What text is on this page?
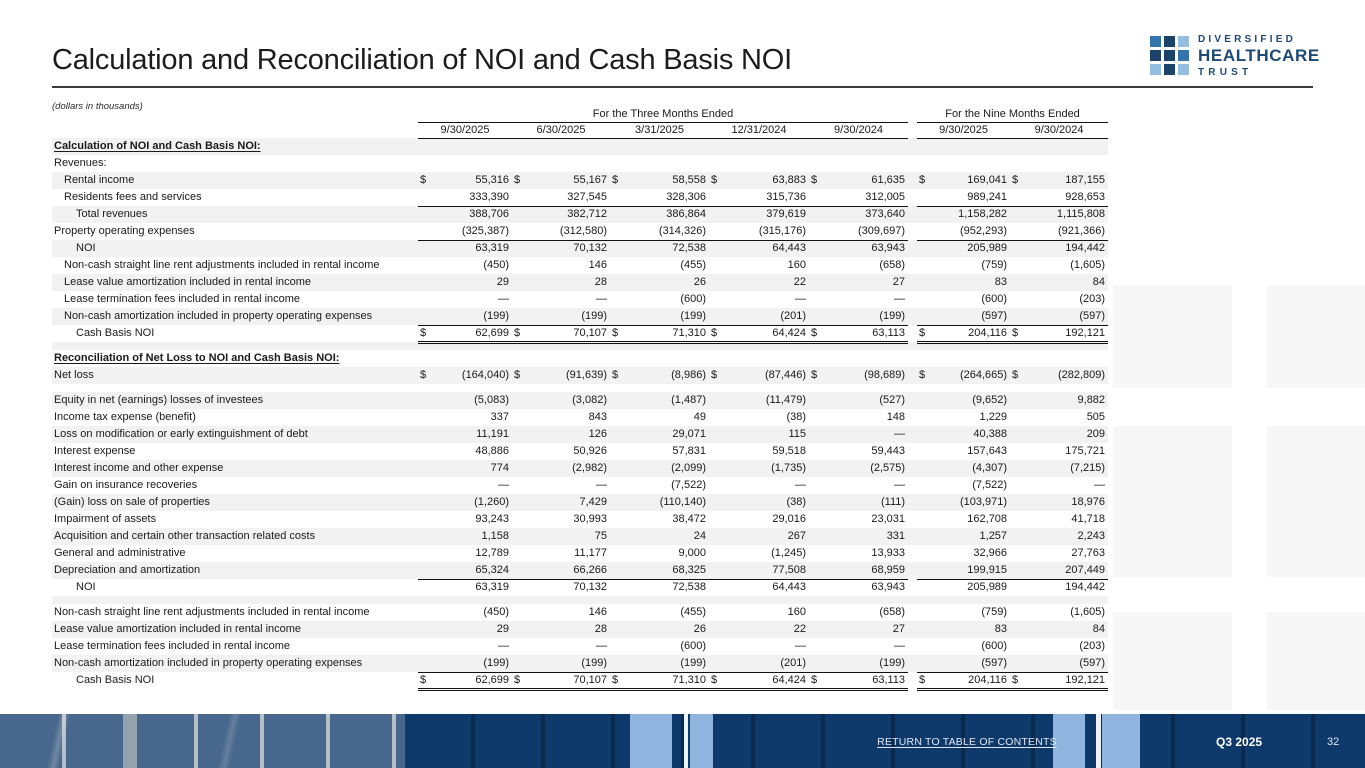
Calculation and Reconciliation of NOI and Cash Basis NOI
(dollars in thousands)
DIVERSIFIED
HEALTHCARE
TRUST
	For the Three Months Ended						For the Nine Months Ended	
	9/30/2025	6/30/2025	3/31/2025	12/31/2024	9/30/2024		9/30/2025	9/30/2024
Calculation of NOI and Cash Basis NOI:								
Revenues:								
Rental income	$ 55,316	$ 55,167	$ 58,558	$ 63,883	$ 61,635		$ 169,041	$ 187,155

Residents fees and services	333,390	327,545	328,306	315,736	312,005		989,241	928,653

Total revenues	388,706	382,712	386,864	379,619	373,640		1,158,282	1,115,808

Property operating expenses	(325,387)	(312,580)	(314,326)	(315,176)	(309,697)		(952,293)	(921,366)

NOI	63,319	70,132	72,538	64,443	63,943		205,989	194,442

Non-cash straight line rent adjustments included in rental income	(450)	146	(455)	160	(658)		(759)	(1,605)

Lease value amortization included in rental income	29	28	26	22	27		83	84

Lease termination fees included in rental income	—	—	(600)	—	—		(600)	(203)

Non-cash amortization included in property operating expenses	(199)	(199)	(199)	(201)	(199)		(597)	(597)

Cash Basis NOI	$ 62,699	$ 70,107	$ 71,310	$ 64,424	$ 63,113		$ 204,116	$ 192,121

Reconciliation of Net Loss to NOI and Cash Basis NOI:								
Net loss	$ (164,040)	$ (91,639)	$ (8,986)	$ (87,446)	$ (98,689)		$ (264,665)	$ (282,809)

Equity in net (earnings) losses of investees	(5,083)	(3,082)	(1,487)	(11,479)	(527)		(9,652)	9,882

Income tax expense (benefit)	337	843	49	(38)	148		1,229	505

Loss on modification or early extinguishment of debt	11,191	126	29,071	115	—		40,388	209

Interest expense	48,886	50,926	57,831	59,518	59,443		157,643	175,721

Interest income and other expense	774	(2,982)	(2,099)	(1,735)	(2,575)		(4,307)	(7,215)

Gain on insurance recoveries	—	—	(7,522)	—	—		(7,522)	—

(Gain) loss on sale of properties	(1,260)	7,429	(110,140)	(38)	(111)		(103,971)	18,976

Impairment of assets	93,243	30,993	38,472	29,016	23,031		162,708	41,718

Acquisition and certain other transaction related costs	1,158	75	24	267	331		1,257	2,243

General and administrative	12,789	11,177	9,000	(1,245)	13,933		32,966	27,763

Depreciation and amortization	65,324	66,266	68,325	77,508	68,959		199,915	207,449

NOI	63,319	70,132	72,538	64,443	63,943		205,989	194,442

Non-cash straight line rent adjustments included in rental income	(450)	146	(455)	160	(658)		(759)	(1,605)

Lease value amortization included in rental income	29	28	26	22	27		83	84

Lease termination fees included in rental income	—	—	(600)	—	—		(600)	(203)

Non-cash amortization included in property operating expenses	(199)	(199)	(199)	(201)	(199)		(597)	(597)

Cash Basis NOI	$ 62,699	$ 70,107	$ 71,310	$ 64,424	$ 63,113		$ 204,116	$ 192,121
RETURN TO TABLE OF CONTENTS	Q3 2025	32
